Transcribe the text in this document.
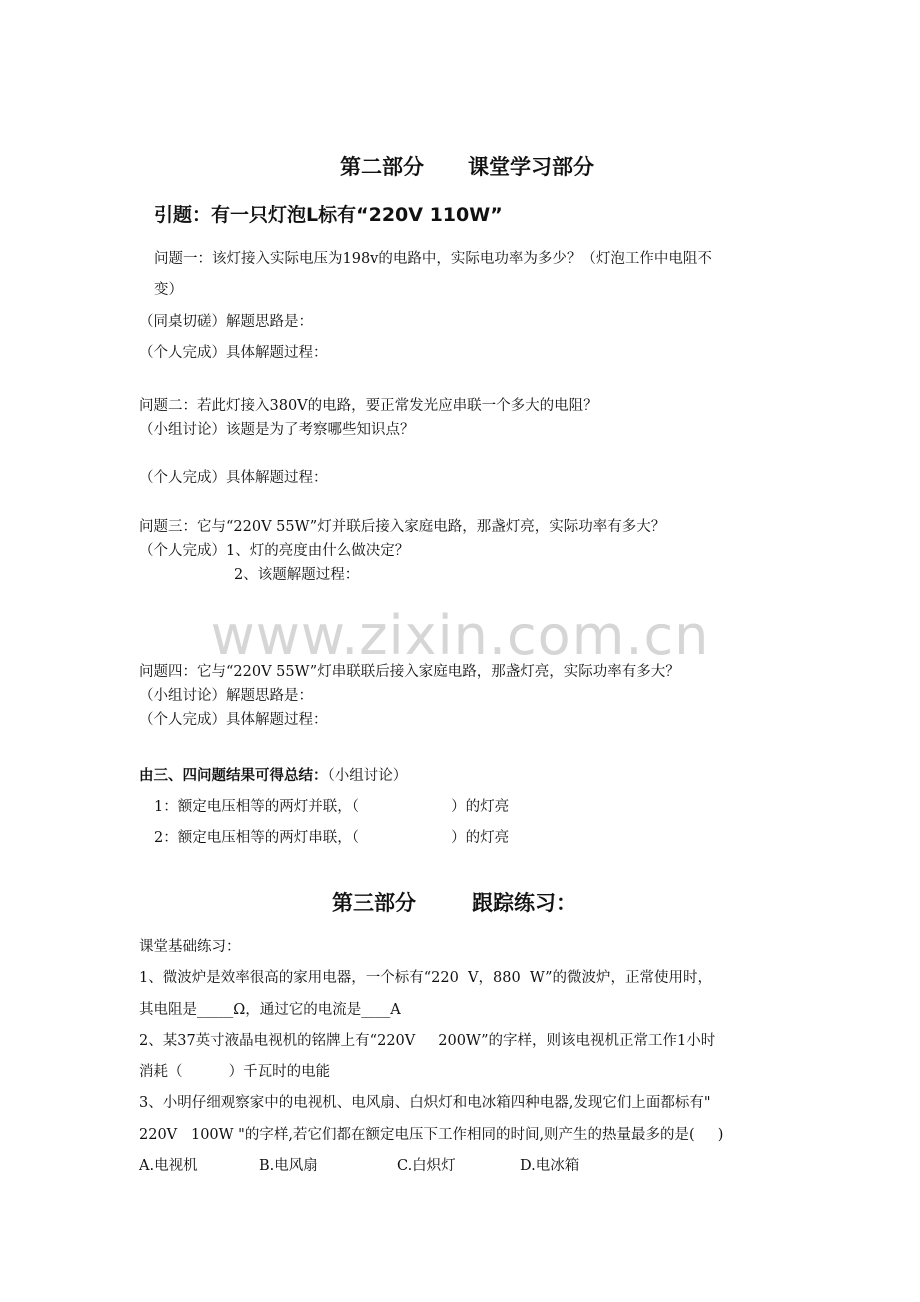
第二部分 课堂学习部分
引题：有一只灯泡L标有“220V 110W”
问题一：该灯接入实际电压为198v的电路中，实际电功率为多少？（灯泡工作中电阻不
变）
（同桌切磋）解题思路是：
（个人完成）具体解题过程：
问题二：若此灯接入380V的电路，要正常发光应串联一个多大的电阻？
（小组讨论）该题是为了考察哪些知识点？
（个人完成）具体解题过程：
问题三：它与“220V 55W”灯并联后接入家庭电路，那盏灯亮，实际功率有多大？
（个人完成）1、灯的亮度由什么做决定？
2、该题解题过程：
www.zixin.com.cn
问题四：它与“220V 55W”灯串联联后接入家庭电路，那盏灯亮，实际功率有多大？
（小组讨论）解题思路是：
（个人完成）具体解题过程：
由三、四问题结果可得总结：（小组讨论）
1：额定电压相等的两灯并联，（                    ）的灯亮
2：额定电压相等的两灯串联，（                    ）的灯亮
第三部分	跟踪练习：
课堂基础练习：
1、微波炉是效率很高的家用电器，一个标有“220  V，880  W”的微波炉，正常使用时，
其电阻是_____Ω，通过它的电流是____A
2、某37英寸液晶电视机的铭牌上有“220V     200W”的字样，则该电视机正常工作1小时
消耗（          ）千瓦时的电能
3、小明仔细观察家中的电视机、电风扇、白炽灯和电冰箱四种电器,发现它们上面都标有"
220V   100W "的字样,若它们都在额定电压下工作相同的时间,则产生的热量最多的是(     )
A.电视机	B.电风扇	C.白炽灯	D.电冰箱
